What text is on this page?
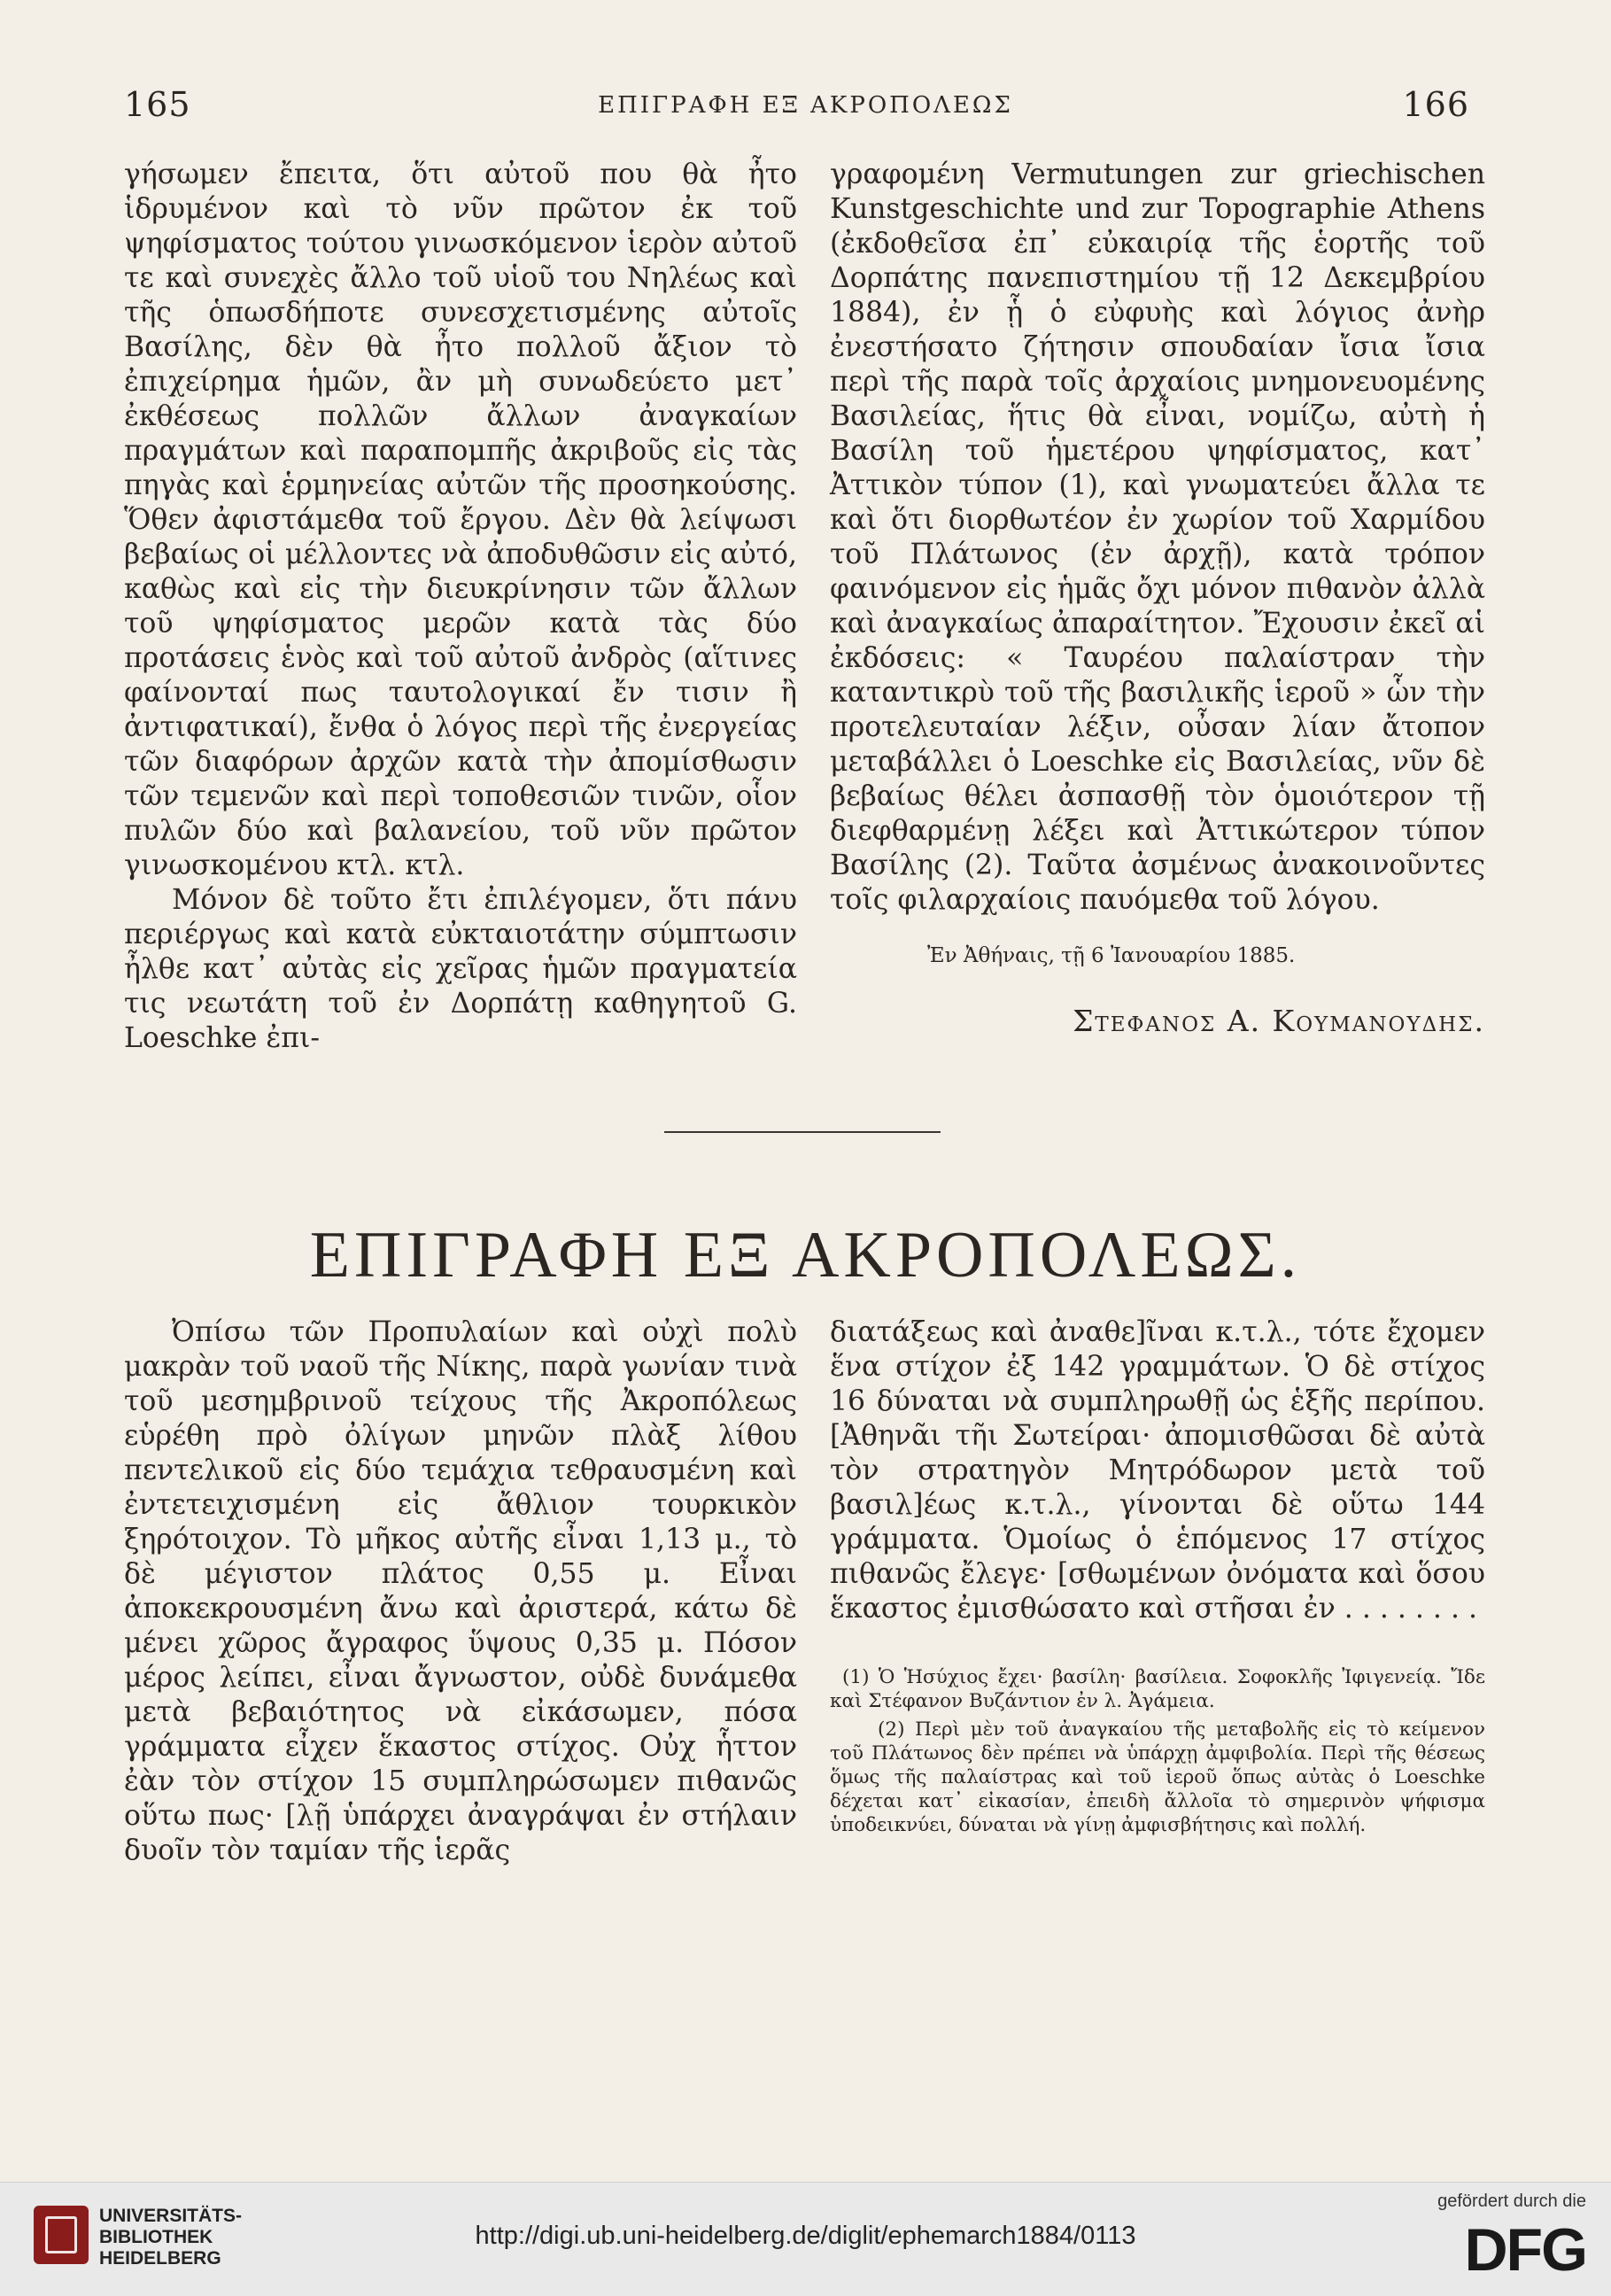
165	ΕΠΙΓΡΑΦΗ ΕΞ ΑΚΡΟΠΟΛΕΩΣ	166

γήσωμεν ἔπειτα, ὅτι αὐτοῦ που θὰ ἦτο ἱδρυμένον καὶ τὸ νῦν πρῶτον ἐκ τοῦ ψηφίσματος τούτου γινωσκόμενον ἱερὸν αὐτοῦ τε καὶ συνεχὲς ἄλλο τοῦ υἱοῦ του Νηλέως καὶ τῆς ὁπωσδήποτε συνεσχετισμένης αὐτοῖς Βασίλης, δὲν θὰ ἦτο πολλοῦ ἄξιον τὸ ἐπιχείρημα ἡμῶν, ἂν μὴ συνωδεύετο μετ᾽ ἐκθέσεως πολλῶν ἄλλων ἀναγκαίων πραγμάτων καὶ παραπομπῆς ἀκριβοῦς εἰς τὰς πηγὰς καὶ ἑρμηνείας αὐτῶν τῆς προσηκούσης. Ὅθεν ἀφιστάμεθα τοῦ ἔργου. Δὲν θὰ λείψωσι βεβαίως οἱ μέλλοντες νὰ ἀποδυθῶσιν εἰς αὐτό, καθὼς καὶ εἰς τὴν διευκρίνησιν τῶν ἄλλων τοῦ ψηφίσματος μερῶν κατὰ τὰς δύο προτάσεις ἑνὸς καὶ τοῦ αὐτοῦ ἀνδρὸς (αἵτινες φαίνονταί πως ταυτολογικαί ἔν τισιν ἢ ἀντιφατικαί), ἔνθα ὁ λόγος περὶ τῆς ἐνεργείας τῶν διαφόρων ἀρχῶν κατὰ τὴν ἀπομίσθωσιν τῶν τεμενῶν καὶ περὶ τοποθεσιῶν τινῶν, οἷον πυλῶν δύο καὶ βαλανείου, τοῦ νῦν πρῶτον γινωσκομένου κτλ. κτλ.

Μόνον δὲ τοῦτο ἔτι ἐπιλέγομεν, ὅτι πάνυ περιέργως καὶ κατὰ εὐκταιοτάτην σύμπτωσιν ἦλθε κατ᾽ αὐτὰς εἰς χεῖρας ἡμῶν πραγματεία τις νεωτάτη τοῦ ἐν Δορπάτῃ καθηγητοῦ G. Loeschke ἐπι-

γραφομένη Vermutungen zur griechischen Kunstgeschichte und zur Topographie Athens (ἐκδοθεῖσα ἐπ᾽ εὐκαιρίᾳ τῆς ἑορτῆς τοῦ Δορπάτης πανεπιστημίου τῇ 12 Δεκεμβρίου 1884), ἐν ᾗ ὁ εὐφυὴς καὶ λόγιος ἀνὴρ ἐνεστήσατο ζήτησιν σπουδαίαν ἴσια ἴσια περὶ τῆς παρὰ τοῖς ἀρχαίοις μνημονευομένης Βασιλείας, ἥτις θὰ εἶναι, νομίζω, αὐτὴ ἡ Βασίλη τοῦ ἡμετέρου ψηφίσματος, κατ᾽ Ἀττικὸν τύπον (1), καὶ γνωματεύει ἄλλα τε καὶ ὅτι διορθωτέον ἐν χωρίον τοῦ Χαρμίδου τοῦ Πλάτωνος (ἐν ἀρχῇ), κατὰ τρόπον φαινόμενον εἰς ἡμᾶς ὄχι μόνον πιθανὸν ἀλλὰ καὶ ἀναγκαίως ἀπαραίτητον. Ἔχουσιν ἐκεῖ αἱ ἐκδόσεις: « Ταυρέου παλαίστραν τὴν καταντικρὺ τοῦ τῆς βασιλικῆς ἱεροῦ » ὧν τὴν προτελευταίαν λέξιν, οὖσαν λίαν ἄτοπον μεταβάλλει ὁ Loeschke εἰς Βασιλείας, νῦν δὲ βεβαίως θέλει ἀσπασθῇ τὸν ὁμοιότερον τῇ διεφθαρμένῃ λέξει καὶ Ἀττικώτερον τύπον Βασίλης (2). Ταῦτα ἀσμένως ἀνακοινοῦντες τοῖς φιλαρχαίοις παυόμεθα τοῦ λόγου.

Ἐν Ἀθήναις, τῇ 6 Ἰανουαρίου 1885.
Στεφανος Α. Κουμανουδης.
ΕΠΙΓΡΑΦΗ ΕΞ ΑΚΡΟΠΟΛΕΩΣ.

Ὀπίσω τῶν Προπυλαίων καὶ οὐχὶ πολὺ μακρὰν τοῦ ναοῦ τῆς Νίκης, παρὰ γωνίαν τινὰ τοῦ μεσημβρινοῦ τείχους τῆς Ἀκροπόλεως εὑρέθη πρὸ ὀλίγων μηνῶν πλὰξ λίθου πεντελικοῦ εἰς δύο τεμάχια τεθραυσμένη καὶ ἐντετειχισμένη εἰς ἄθλιον τουρκικὸν ξηρότοιχον. Τὸ μῆκος αὐτῆς εἶναι 1,13 μ., τὸ δὲ μέγιστον πλάτος 0,55 μ. Εἶναι ἀποκεκρουσμένη ἄνω καὶ ἀριστερά, κάτω δὲ μένει χῶρος ἄγραφος ὕψους 0,35 μ. Πόσον μέρος λείπει, εἶναι ἄγνωστον, οὐδὲ δυνάμεθα μετὰ βεβαιότητος νὰ εἰκάσωμεν, πόσα γράμματα εἶχεν ἕκαστος στίχος. Οὐχ ἧττον ἐὰν τὸν στίχον 15 συμπληρώσωμεν πιθανῶς οὕτω πως· [λῇ ὑπάρχει ἀναγράψαι ἐν στήλαιν δυοῖν τὸν ταμίαν τῆς ἱερᾶς

διατάξεως καὶ ἀναθε]ῖναι κ.τ.λ., τότε ἔχομεν ἕνα στίχον ἐξ 142 γραμμάτων. Ὁ δὲ στίχος 16 δύναται νὰ συμπληρωθῇ ὡς ἑξῆς περίπου. [Ἀθηνᾶι τῆι Σωτείραι· ἀπομισθῶσαι δὲ αὐτὰ τὸν στρατηγὸν Μητρόδωρον μετὰ τοῦ βασιλ]έως κ.τ.λ., γίνονται δὲ οὕτω 144 γράμματα. Ὁμοίως ὁ ἑπόμενος 17 στίχος πιθανῶς ἔλεγε· [σθωμένων ὀνόματα καὶ ὅσου ἕκαστος ἐμισθώσατο καὶ στῆσαι ἐν . . . . . . . .

(1) Ὁ Ἡσύχιος ἔχει· βασίλη· βασίλεια. Σοφοκλῆς Ἰφιγενείᾳ. Ἴδε καὶ Στέφανον Βυζάντιον ἐν λ. Ἀγάμεια.

(2) Περὶ μὲν τοῦ ἀναγκαίου τῆς μεταβολῆς εἰς τὸ κείμενον τοῦ Πλάτωνος δὲν πρέπει νὰ ὑπάρχῃ ἀμφιβολία. Περὶ τῆς θέσεως ὅμως τῆς παλαίστρας καὶ τοῦ ἱεροῦ ὅπως αὐτὰς ὁ Loeschke δέχεται κατ᾽ εἰκασίαν, ἐπειδὴ ἄλλοῖα τὸ σημερινὸν ψήφισμα ὑποδεικνύει, δύναται νὰ γίνῃ ἀμφισβήτησις καὶ πολλή.

UNIVERSITÄTS-
BIBLIOTHEK
HEIDELBERG
http://digi.ub.uni-heidelberg.de/diglit/ephemarch1884/0113
gefördert durch die
DFG
